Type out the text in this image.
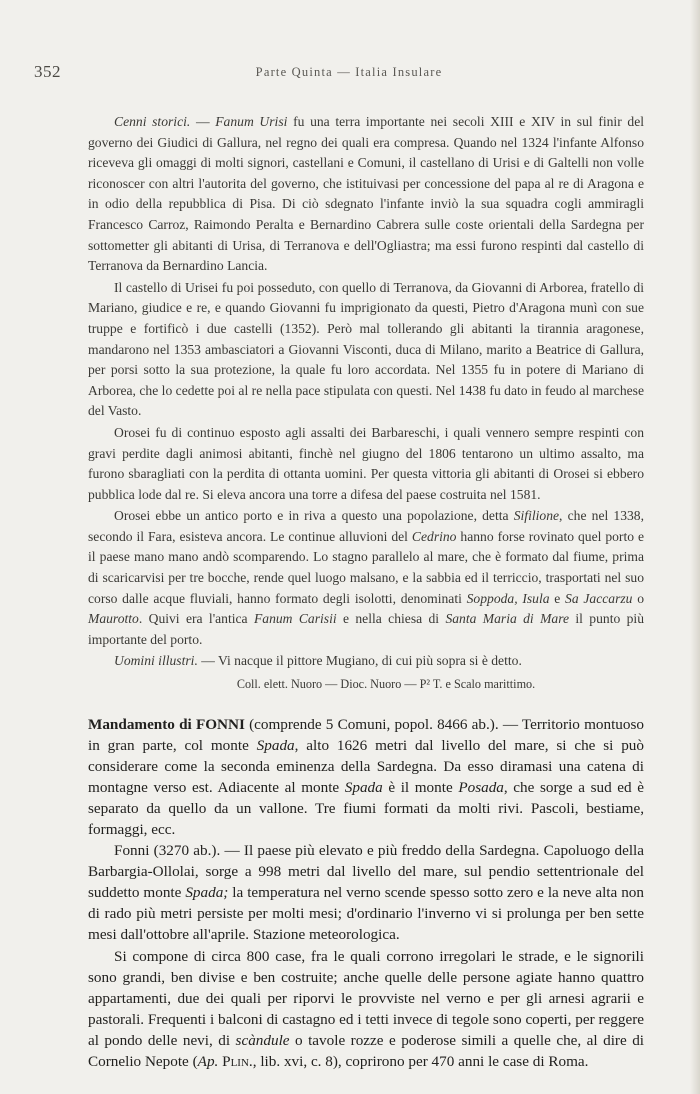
352	Parte Quinta — Italia Insulare

Cenni storici. — Fanum Urisi fu una terra importante nei secoli XIII e XIV in sul finir del governo dei Giudici di Gallura, nel regno dei quali era compresa. Quando nel 1324 l'infante Alfonso riceveva gli omaggi di molti signori, castellani e Comuni, il castellano di Urisi e di Galtelli non volle riconoscer con altri l'autorita del governo, che istituivasi per concessione del papa al re di Aragona e in odio della repubblica di Pisa. Di ciò sdegnato l'infante inviò la sua squadra cogli ammiragli Francesco Carroz, Raimondo Peralta e Bernardino Cabrera sulle coste orientali della Sardegna per sottometter gli abitanti di Urisa, di Terranova e dell'Ogliastra; ma essi furono respinti dal castello di Terranova da Bernardino Lancia.

Il castello di Urisei fu poi posseduto, con quello di Terranova, da Giovanni di Arborea, fratello di Mariano, giudice e re, e quando Giovanni fu imprigionato da questi, Pietro d'Aragona munì con sue truppe e fortificò i due castelli (1352). Però mal tollerando gli abitanti la tirannia aragonese, mandarono nel 1353 ambasciatori a Giovanni Visconti, duca di Milano, marito a Beatrice di Gallura, per porsi sotto la sua protezione, la quale fu loro accordata. Nel 1355 fu in potere di Mariano di Arborea, che lo cedette poi al re nella pace stipulata con questi. Nel 1438 fu dato in feudo al marchese del Vasto.

Orosei fu di continuo esposto agli assalti dei Barbareschi, i quali vennero sempre respinti con gravi perdite dagli animosi abitanti, finchè nel giugno del 1806 tentarono un ultimo assalto, ma furono sbaragliati con la perdita di ottanta uomini. Per questa vittoria gli abitanti di Orosei si ebbero pubblica lode dal re. Si eleva ancora una torre a difesa del paese costruita nel 1581.

Orosei ebbe un antico porto e in riva a questo una popolazione, detta Sifilione, che nel 1338, secondo il Fara, esisteva ancora. Le continue alluvioni del Cedrino hanno forse rovinato quel porto e il paese mano mano andò scomparendo. Lo stagno parallelo al mare, che è formato dal fiume, prima di scaricarvisi per tre bocche, rende quel luogo malsano, e la sabbia ed il terriccio, trasportati nel suo corso dalle acque fluviali, hanno formato degli isolotti, denominati Soppoda, Isula e Sa Jaccarzu o Maurotto. Quivi era l'antica Fanum Carisii e nella chiesa di Santa Maria di Mare il punto più importante del porto.

Uomini illustri. — Vi nacque il pittore Mugiano, di cui più sopra si è detto.

Coll. elett. Nuoro — Dioc. Nuoro — P² T. e Scalo marittimo.

Mandamento di FONNI (comprende 5 Comuni, popol. 8466 ab.). — Territorio montuoso in gran parte, col monte Spada, alto 1626 metri dal livello del mare, si che si può considerare come la seconda eminenza della Sardegna. Da esso diramasi una catena di montagne verso est. Adiacente al monte Spada è il monte Posada, che sorge a sud ed è separato da quello da un vallone. Tre fiumi formati da molti rivi. Pascoli, bestiame, formaggi, ecc.

Fonni (3270 ab.). — Il paese più elevato e più freddo della Sardegna. Capoluogo della Barbargia-Ollolai, sorge a 998 metri dal livello del mare, sul pendio settentrionale del suddetto monte Spada; la temperatura nel verno scende spesso sotto zero e la neve alta non di rado più metri persiste per molti mesi; d'ordinario l'inverno vi si prolunga per ben sette mesi dall'ottobre all'aprile. Stazione meteorologica.

Si compone di circa 800 case, fra le quali corrono irregolari le strade, e le signorili sono grandi, ben divise e ben costruite; anche quelle delle persone agiate hanno quattro appartamenti, due dei quali per riporvi le provviste nel verno e per gli arnesi agrarii e pastorali. Frequenti i balconi di castagno ed i tetti invece di tegole sono coperti, per reggere al pondo delle nevi, di scàndule o tavole rozze e poderose simili a quelle che, al dire di Cornelio Nepote (Ap. Plin., lib. xvi, c. 8), coprirono per 470 anni le case di Roma.
